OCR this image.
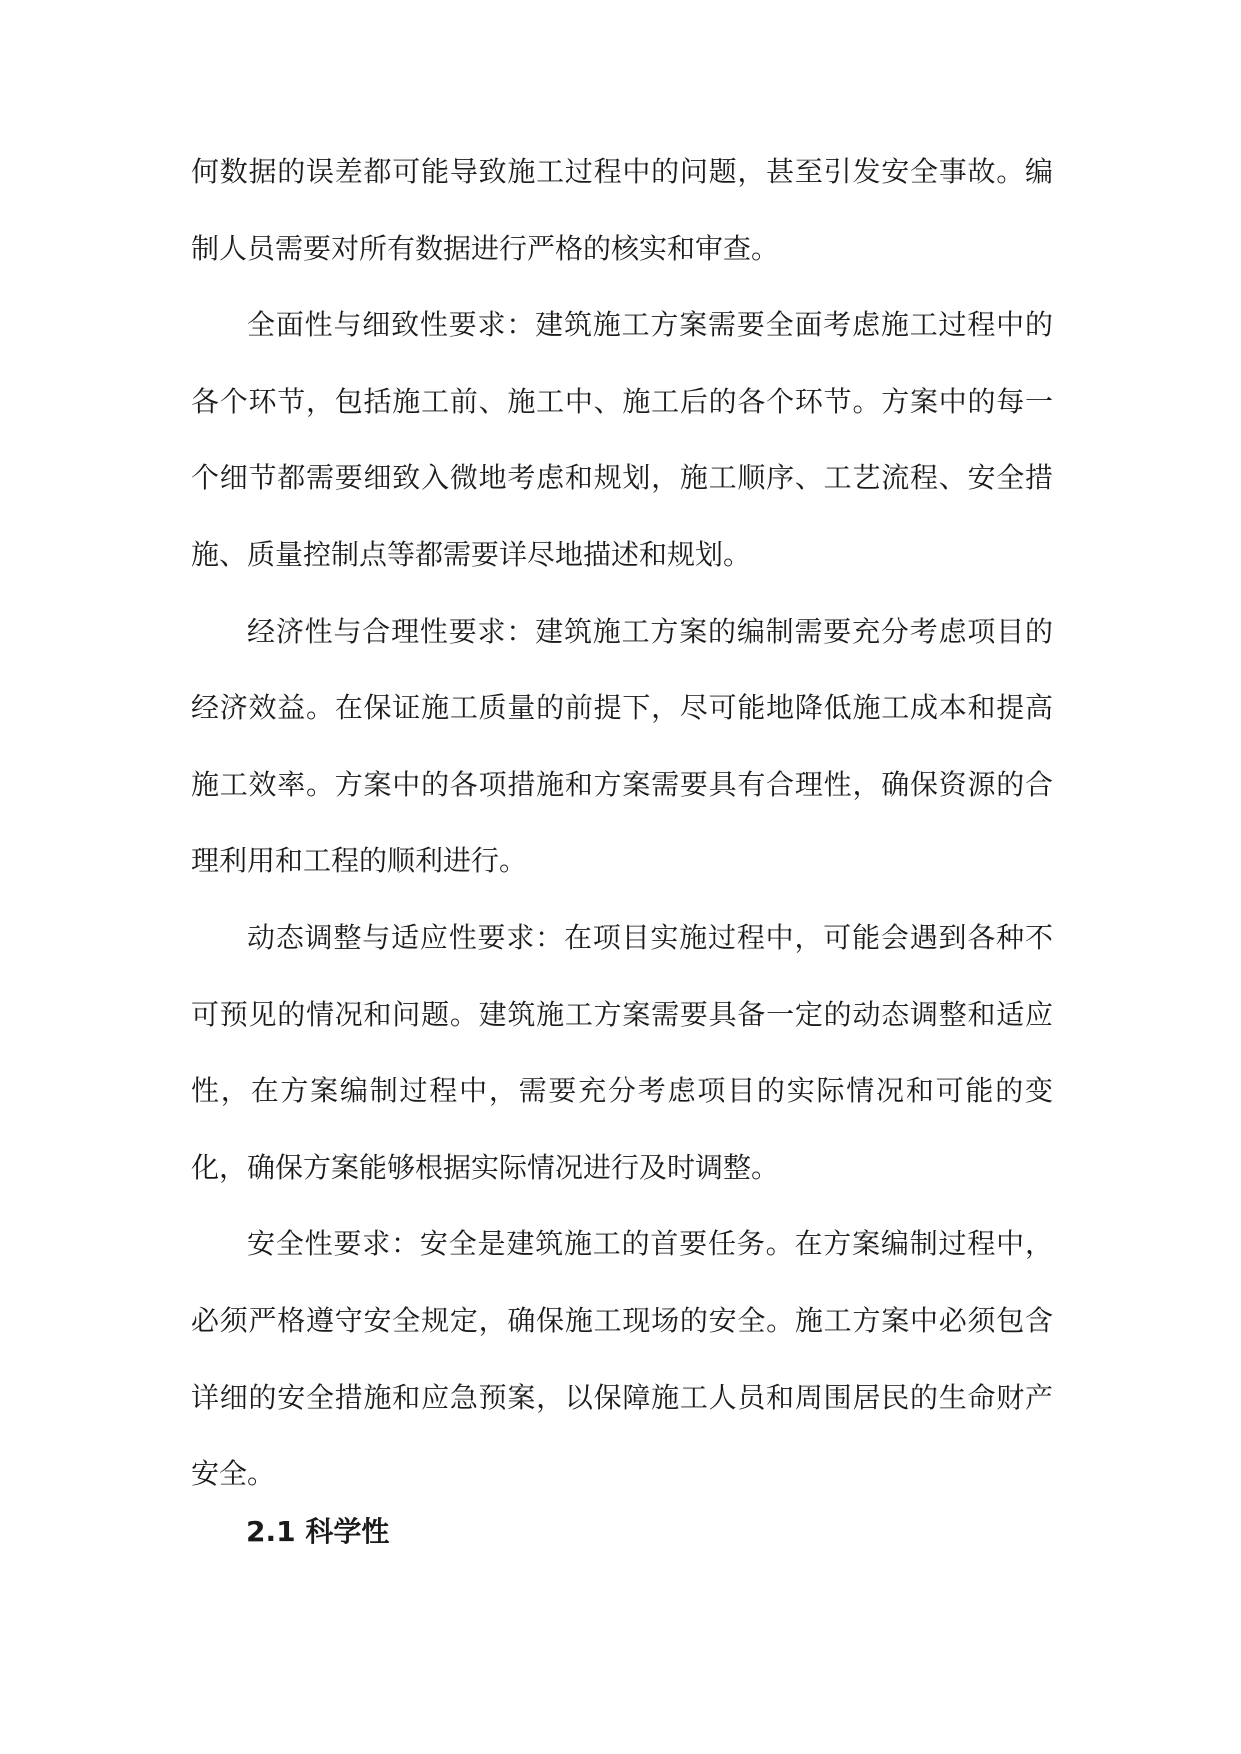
何数据的误差都可能导致施工过程中的问题，甚至引发安全事故。编制人员需要对所有数据进行严格的核实和审查。

全面性与细致性要求：建筑施工方案需要全面考虑施工过程中的各个环节，包括施工前、施工中、施工后的各个环节。方案中的每一个细节都需要细致入微地考虑和规划，施工顺序、工艺流程、安全措施、质量控制点等都需要详尽地描述和规划。

经济性与合理性要求：建筑施工方案的编制需要充分考虑项目的经济效益。在保证施工质量的前提下，尽可能地降低施工成本和提高施工效率。方案中的各项措施和方案需要具有合理性，确保资源的合理利用和工程的顺利进行。

动态调整与适应性要求：在项目实施过程中，可能会遇到各种不可预见的情况和问题。建筑施工方案需要具备一定的动态调整和适应性，在方案编制过程中，需要充分考虑项目的实际情况和可能的变化，确保方案能够根据实际情况进行及时调整。

安全性要求：安全是建筑施工的首要任务。在方案编制过程中，必须严格遵守安全规定，确保施工现场的安全。施工方案中必须包含详细的安全措施和应急预案，以保障施工人员和周围居民的生命财产安全。

2.1 科学性
